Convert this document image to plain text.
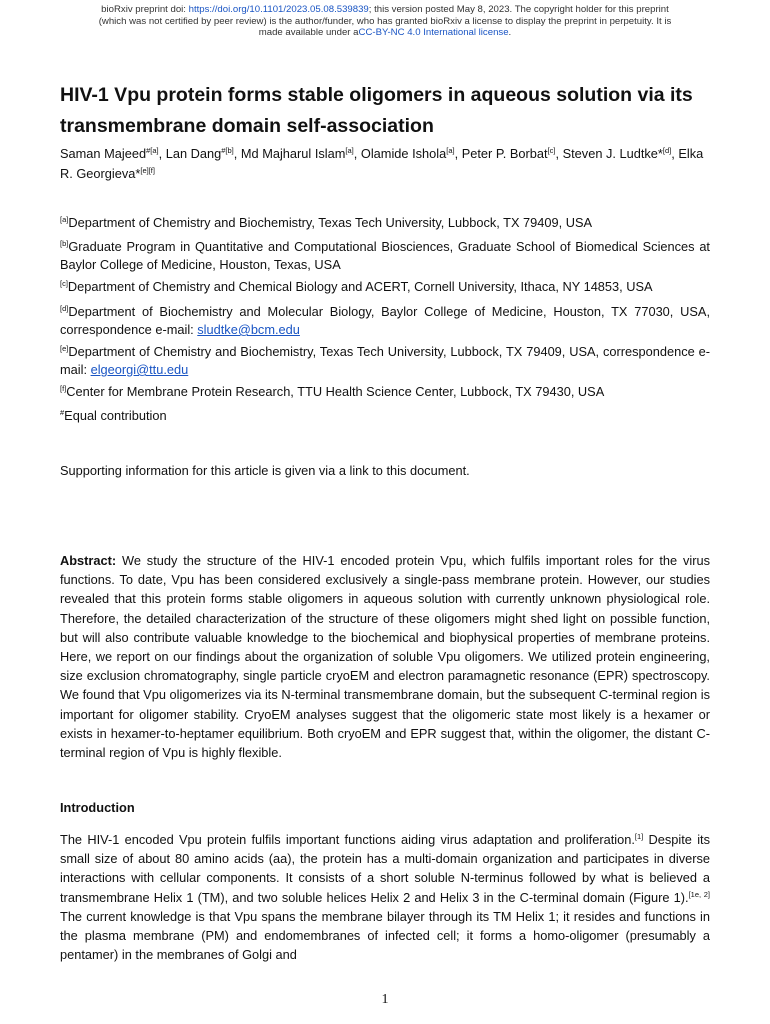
bioRxiv preprint doi: https://doi.org/10.1101/2023.05.08.539839; this version posted May 8, 2023. The copyright holder for this preprint
(which was not certified by peer review) is the author/funder, who has granted bioRxiv a license to display the preprint in perpetuity. It is
made available under aCC-BY-NC 4.0 International license.
HIV-1 Vpu protein forms stable oligomers in aqueous solution via its transmembrane domain self-association
Saman Majeed$^{\#[a]}$, Lan Dang$^{\#[b]}$, Md Majharul Islam[a], Olamide Ishola[a], Peter P. Borbat[c], Steven J. Ludtke*[d], Elka R. Georgieva*[e][f]
[a]Department of Chemistry and Biochemistry, Texas Tech University, Lubbock, TX 79409, USA
[b]Graduate Program in Quantitative and Computational Biosciences, Graduate School of Biomedical Sciences at Baylor College of Medicine, Houston, Texas, USA
[c]Department of Chemistry and Chemical Biology and ACERT, Cornell University, Ithaca, NY 14853, USA
[d]Department of Biochemistry and Molecular Biology, Baylor College of Medicine, Houston, TX 77030, USA, correspondence e-mail: sludtke@bcm.edu
[e]Department of Chemistry and Biochemistry, Texas Tech University, Lubbock, TX 79409, USA, correspondence e-mail: elgeorgi@ttu.edu
[f]Center for Membrane Protein Research, TTU Health Science Center, Lubbock, TX 79430, USA
#Equal contribution
Supporting information for this article is given via a link to this document.
Abstract: We study the structure of the HIV-1 encoded protein Vpu, which fulfils important roles for the virus functions. To date, Vpu has been considered exclusively a single-pass membrane protein. However, our studies revealed that this protein forms stable oligomers in aqueous solution with currently unknown physiological role. Therefore, the detailed characterization of the structure of these oligomers might shed light on possible function, but will also contribute valuable knowledge to the biochemical and biophysical properties of membrane proteins. Here, we report on our findings about the organization of soluble Vpu oligomers. We utilized protein engineering, size exclusion chromatography, single particle cryoEM and electron paramagnetic resonance (EPR) spectroscopy. We found that Vpu oligomerizes via its N-terminal transmembrane domain, but the subsequent C-terminal region is important for oligomer stability. CryoEM analyses suggest that the oligomeric state most likely is a hexamer or exists in hexamer-to-heptamer equilibrium. Both cryoEM and EPR suggest that, within the oligomer, the distant C-terminal region of Vpu is highly flexible.
Introduction
The HIV-1 encoded Vpu protein fulfils important functions aiding virus adaptation and proliferation.[1] Despite its small size of about 80 amino acids (aa), the protein has a multi-domain organization and participates in diverse interactions with cellular components. It consists of a short soluble N-terminus followed by what is believed a transmembrane Helix 1 (TM), and two soluble helices Helix 2 and Helix 3 in the C-terminal domain (Figure 1).[1e, 2] The current knowledge is that Vpu spans the membrane bilayer through its TM Helix 1; it resides and functions in the plasma membrane (PM) and endomembranes of infected cell; it forms a homo-oligomer (presumably a pentamer) in the membranes of Golgi and
1
